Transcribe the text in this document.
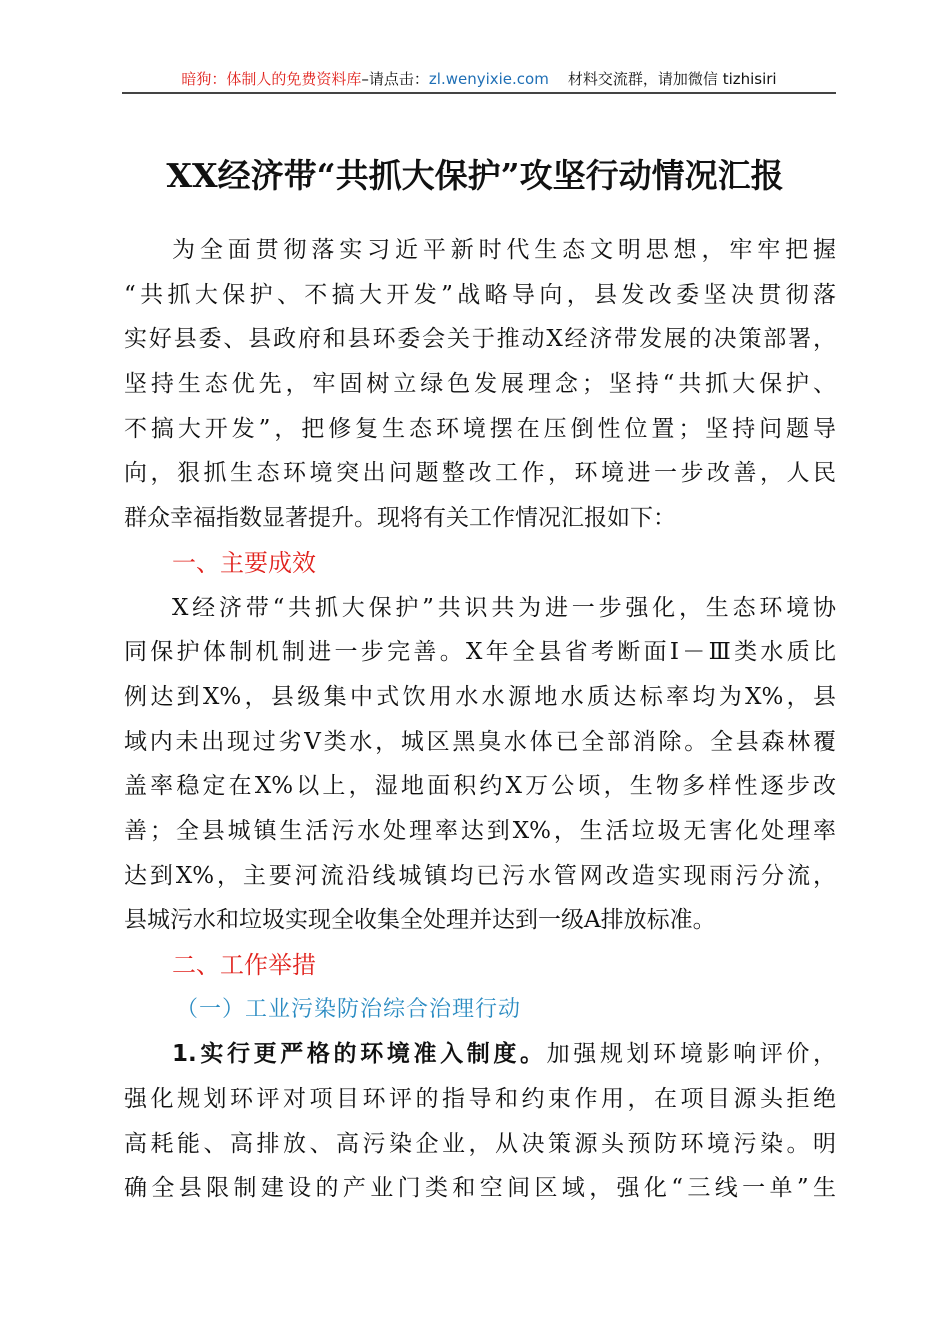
暗狗：体制人的免费资料库–请点击：zl.wenyixie.com 材料交流群，请加微信 tizhisiri
XX经济带“共抓大保护”攻坚行动情况汇报
为全面贯彻落实习近平新时代生态文明思想，牢牢把握
“共抓大保护、不搞大开发”战略导向，县发改委坚决贯彻落
实好县委、县政府和县环委会关于推动X经济带发展的决策部署，
坚持生态优先，牢固树立绿色发展理念；坚持“共抓大保护、
不搞大开发”，把修复生态环境摆在压倒性位置；坚持问题导
向，狠抓生态环境突出问题整改工作，环境进一步改善，人民
群众幸福指数显著提升。现将有关工作情况汇报如下：
一、主要成效
X经济带“共抓大保护”共识共为进一步强化，生态环境协
同保护体制机制进一步完善。X年全县省考断面Ⅰ－Ⅲ类水质比
例达到X%，县级集中式饮用水水源地水质达标率均为X%，县
域内未出现过劣Ⅴ类水，城区黑臭水体已全部消除。全县森林覆
盖率稳定在X%以上，湿地面积约X万公顷，生物多样性逐步改
善；全县城镇生活污水处理率达到X%，生活垃圾无害化处理率
达到X%，主要河流沿线城镇均已污水管网改造实现雨污分流，
县城污水和垃圾实现全收集全处理并达到一级A排放标准。
二、工作举措
（一）工业污染防治综合治理行动
1.实行更严格的环境准入制度。加强规划环境影响评价，
强化规划环评对项目环评的指导和约束作用，在项目源头拒绝
高耗能、高排放、高污染企业，从决策源头预防环境污染。明
确全县限制建设的产业门类和空间区域，强化“三线一单”生
